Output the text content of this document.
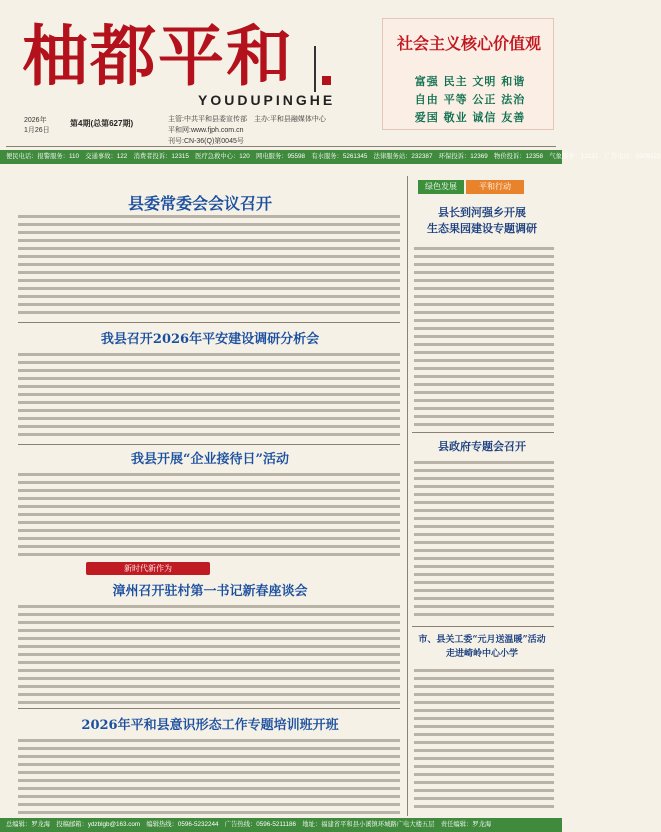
柚都平和
YOUDUPINGHE
社会主义核心价值观
富强 民主 文明 和谐
自由 平等 公正 法治
爱国 敬业 诚信 友善
2026年
1月26日
第4期(总第627期)	主管:中共平和县委宣传部　主办:平和县融媒体中心
平和网:www.fjph.com.cn
刊号:CN-36(Q)第0045号
便民电话：报警服务：110　交通事故：122　消费者投诉：12315　医疗急救中心：120　网电服务：95598　有水服务：5261345　法律服务站：232387　环保投诉：12369　物价投诉：12358　气象服务：12121　广告电话：5209123
县委常委会会议召开
我县召开2026年平安建设调研分析会
我县开展“企业接待日”活动
新时代新作为
漳州召开驻村第一书记新春座谈会
2026年平和县意识形态工作专题培训班开班
绿色发展	平和行动
县长到河强乡开展
生态果园建设专题调研
县政府专题会召开
市、县关工委“元月送温暖”活动
走进崎岭中心小学
总编辑：罗龙海　投稿邮箱：ydzblgb@163.com　编辑热线：0596-5232244　广告热线：0596-5211186　地址：福建省平和县小溪镇环城路广电大楼五层　责任编辑：罗龙海
